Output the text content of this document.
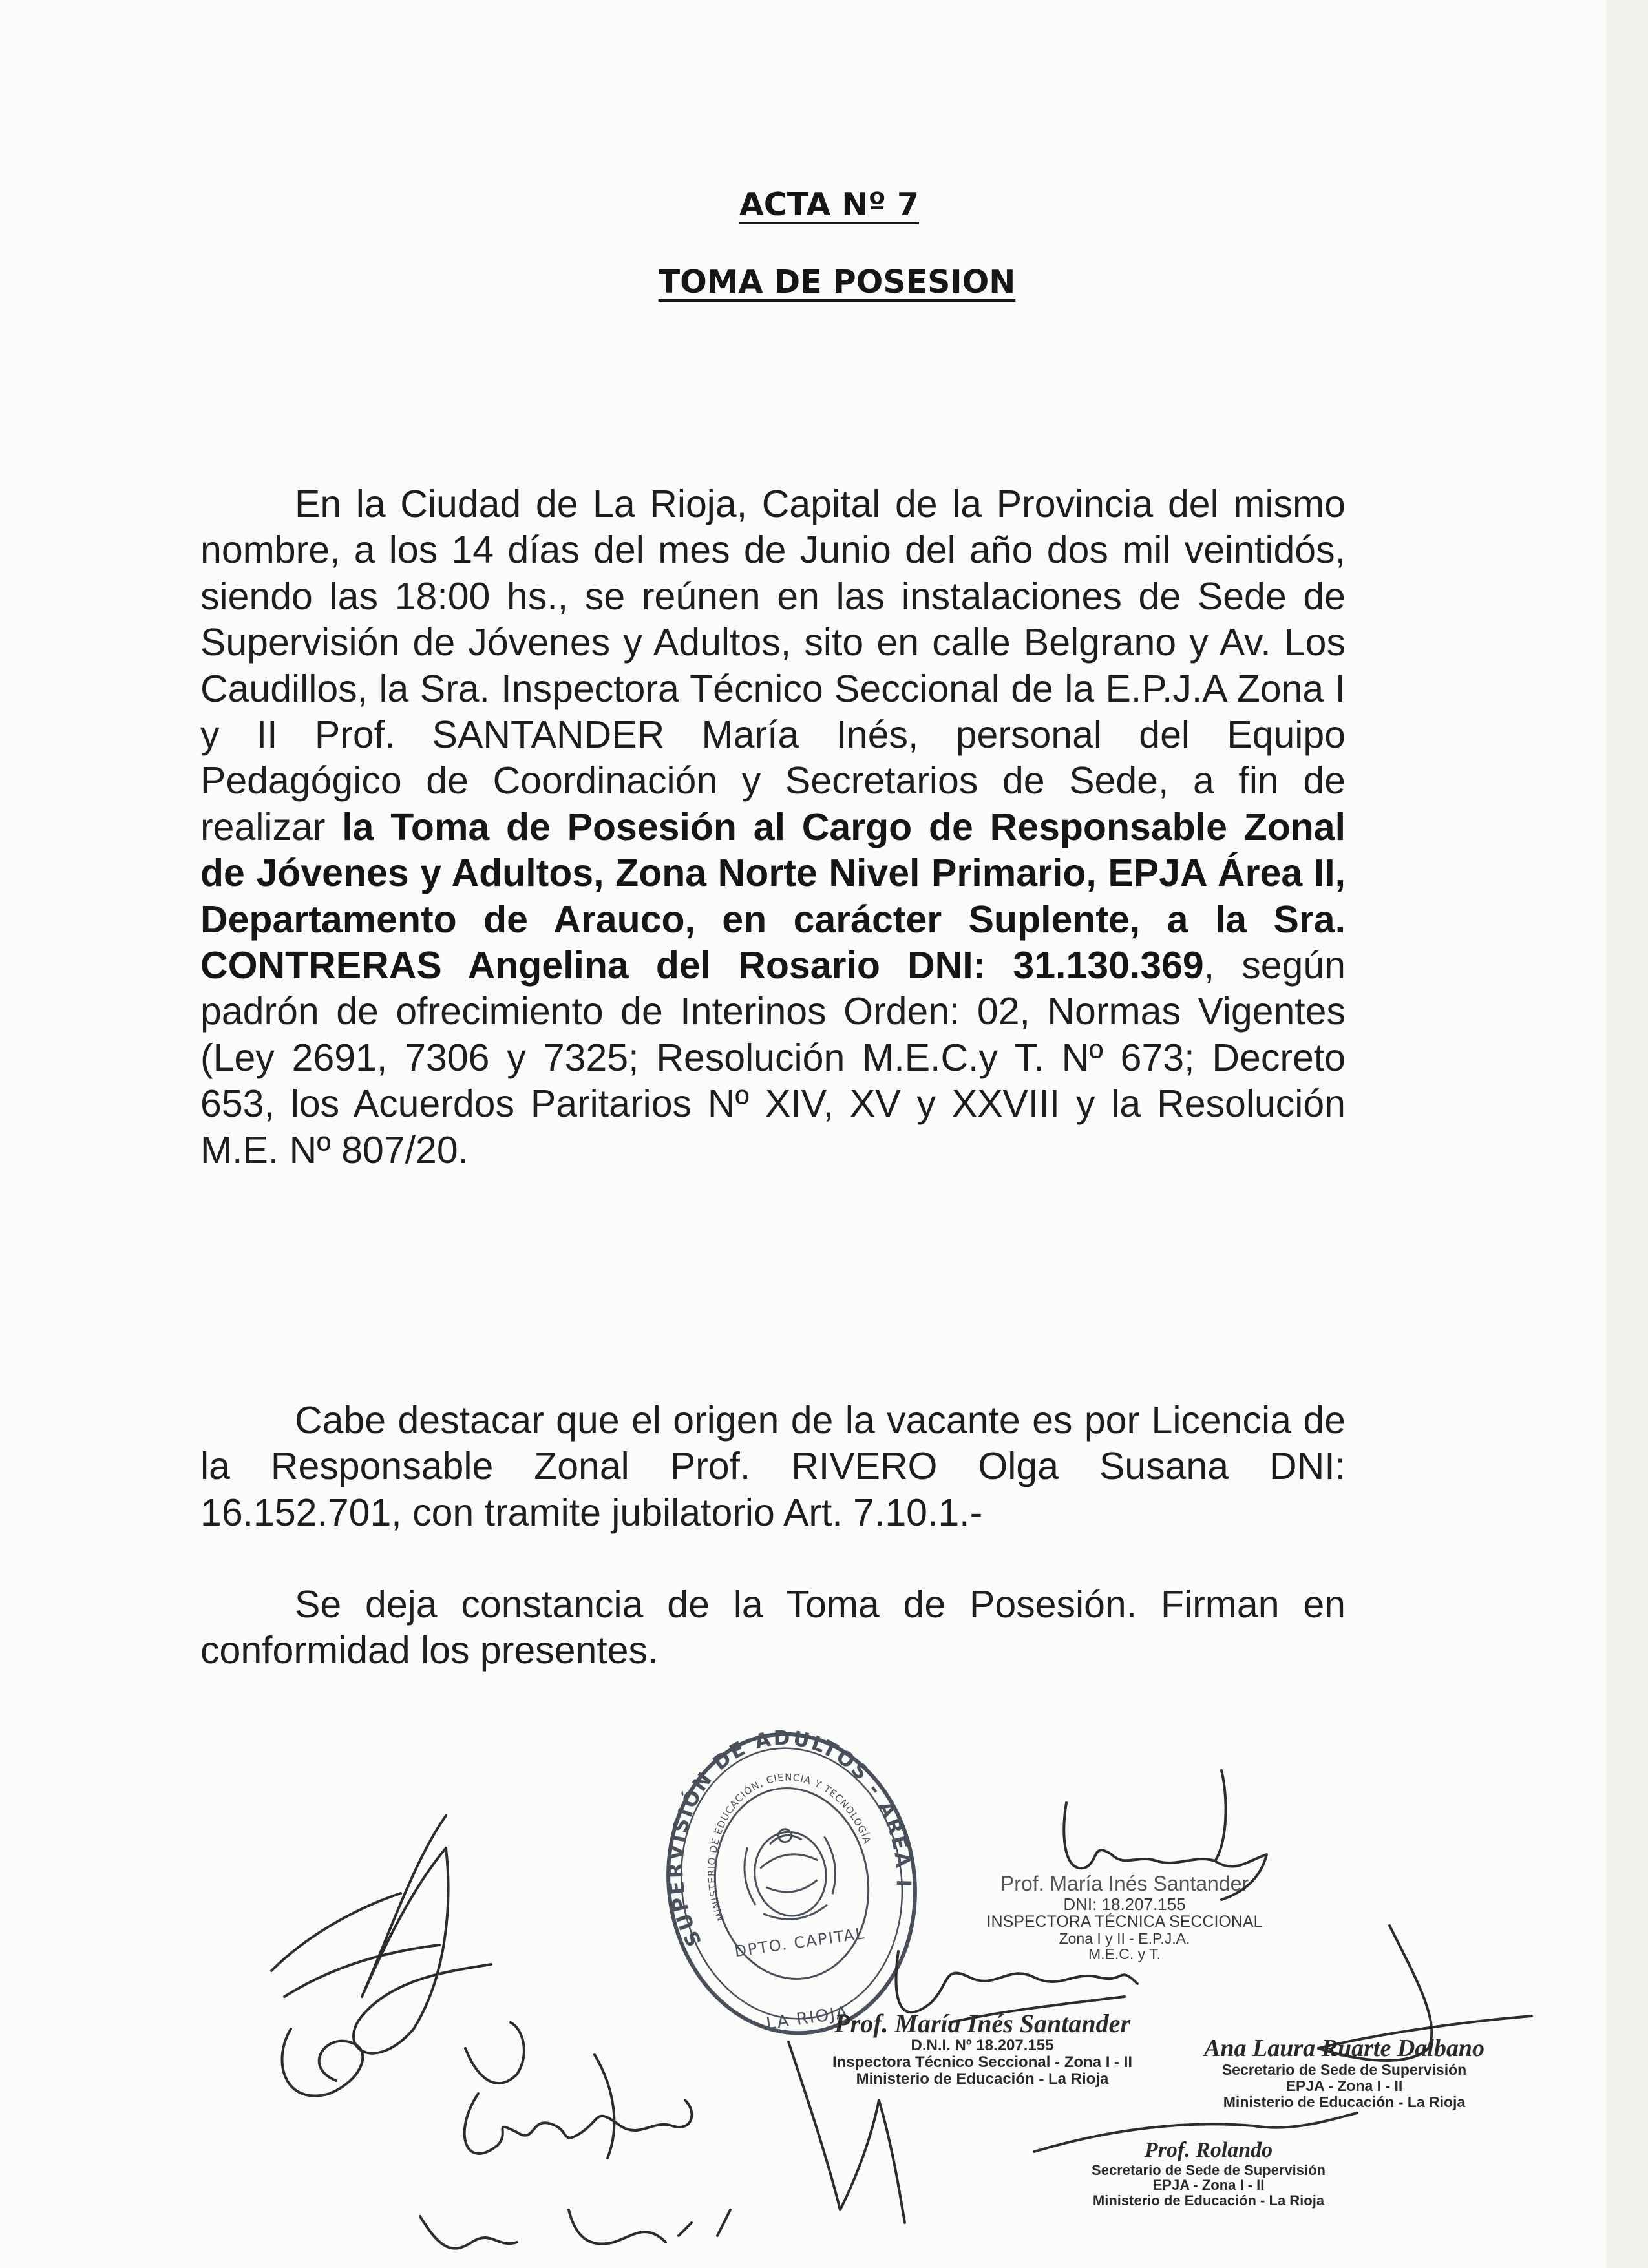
ACTA Nº 7
TOMA DE POSESION
En la Ciudad de La Rioja, Capital de la Provincia del mismo nombre, a los 14 días del mes de Junio del año dos mil veintidós, siendo las 18:00 hs., se reúnen en las instalaciones de Sede de Supervisión de Jóvenes y Adultos, sito en calle Belgrano y Av. Los Caudillos, la Sra. Inspectora Técnico Seccional de la E.P.J.A Zona I y II Prof. SANTANDER María Inés, personal del Equipo Pedagógico de Coordinación y Secretarios de Sede, a fin de realizar la Toma de Posesión al Cargo de Responsable Zonal de Jóvenes y Adultos, Zona Norte Nivel Primario, EPJA Área II, Departamento de Arauco, en carácter Suplente, a la Sra. CONTRERAS Angelina del Rosario DNI: 31.130.369, según padrón de ofrecimiento de Interinos Orden: 02, Normas Vigentes (Ley 2691, 7306 y 7325; Resolución M.E.C.y T. Nº 673; Decreto 653, los Acuerdos Paritarios Nº XIV, XV y XXVIII y la Resolución M.E. Nº 807/20.
Cabe destacar que el origen de la vacante es por Licencia de la Responsable Zonal Prof. RIVERO Olga Susana DNI: 16.152.701, con tramite jubilatorio Art. 7.10.1.-
Se deja constancia de la Toma de Posesión. Firman en conformidad los presentes.
SUPERVISIÓN DE ADULTOS - AREA I
MINISTERIO DE EDUCACIÓN, CIENCIA Y TECNOLOGÍA
DPTO. CAPITAL
LA RIOJA
Prof. María Inés Santander
DNI: 18.207.155
INSPECTORA TÉCNICA SECCIONAL
Zona I y II - E.P.J.A.
M.E.C. y T.
Prof. María Inés Santander
D.N.I. Nº 18.207.155
Inspectora Técnico Seccional - Zona I - II
Ministerio de Educación - La Rioja
Ana Laura Ruarte Dalbano
Secretario de Sede de Supervisión
EPJA - Zona I - II
Ministerio de Educación - La Rioja
Prof. Rolando
Secretario de Sede de Supervisión
EPJA - Zona I - II
Ministerio de Educación - La Rioja
